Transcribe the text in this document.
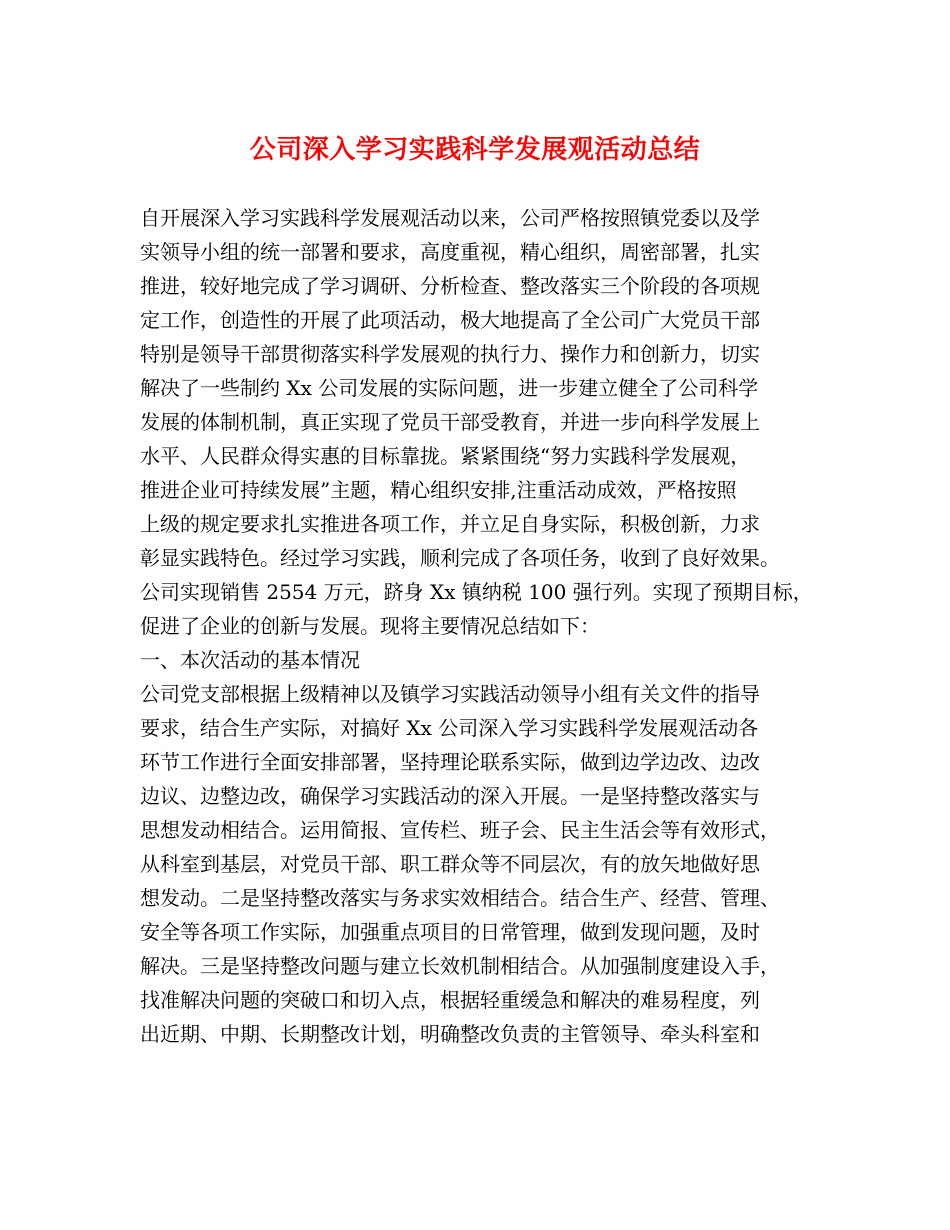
公司深入学习实践科学发展观活动总结
自开展深入学习实践科学发展观活动以来，公司严格按照镇党委以及学
实领导小组的统一部署和要求，高度重视，精心组织，周密部署，扎实
推进，较好地完成了学习调研、分析检查、整改落实三个阶段的各项规
定工作，创造性的开展了此项活动，极大地提高了全公司广大党员干部
特别是领导干部贯彻落实科学发展观的执行力、操作力和创新力，切实
解决了一些制约 Xx 公司发展的实际问题，进一步建立健全了公司科学
发展的体制机制，真正实现了党员干部受教育，并进一步向科学发展上
水平、人民群众得实惠的目标靠拢。紧紧围绕“努力实践科学发展观，
推进企业可持续发展”主题，精心组织安排,注重活动成效，严格按照
上级的规定要求扎实推进各项工作，并立足自身实际，积极创新，力求
彰显实践特色。经过学习实践，顺利完成了各项任务，收到了良好效果。
公司实现销售 2554 万元，跻身 Xx 镇纳税 100 强行列。实现了预期目标，
促进了企业的创新与发展。现将主要情况总结如下：
一、本次活动的基本情况
公司党支部根据上级精神以及镇学习实践活动领导小组有关文件的指导
要求，结合生产实际，对搞好 Xx 公司深入学习实践科学发展观活动各
环节工作进行全面安排部署，坚持理论联系实际，做到边学边改、边改
边议、边整边改，确保学习实践活动的深入开展。一是坚持整改落实与
思想发动相结合。运用简报、宣传栏、班子会、民主生活会等有效形式，
从科室到基层，对党员干部、职工群众等不同层次，有的放矢地做好思
想发动。二是坚持整改落实与务求实效相结合。结合生产、经营、管理、
安全等各项工作实际，加强重点项目的日常管理，做到发现问题，及时
解决。三是坚持整改问题与建立长效机制相结合。从加强制度建设入手，
找准解决问题的突破口和切入点，根据轻重缓急和解决的难易程度，列
出近期、中期、长期整改计划，明确整改负责的主管领导、牵头科室和
